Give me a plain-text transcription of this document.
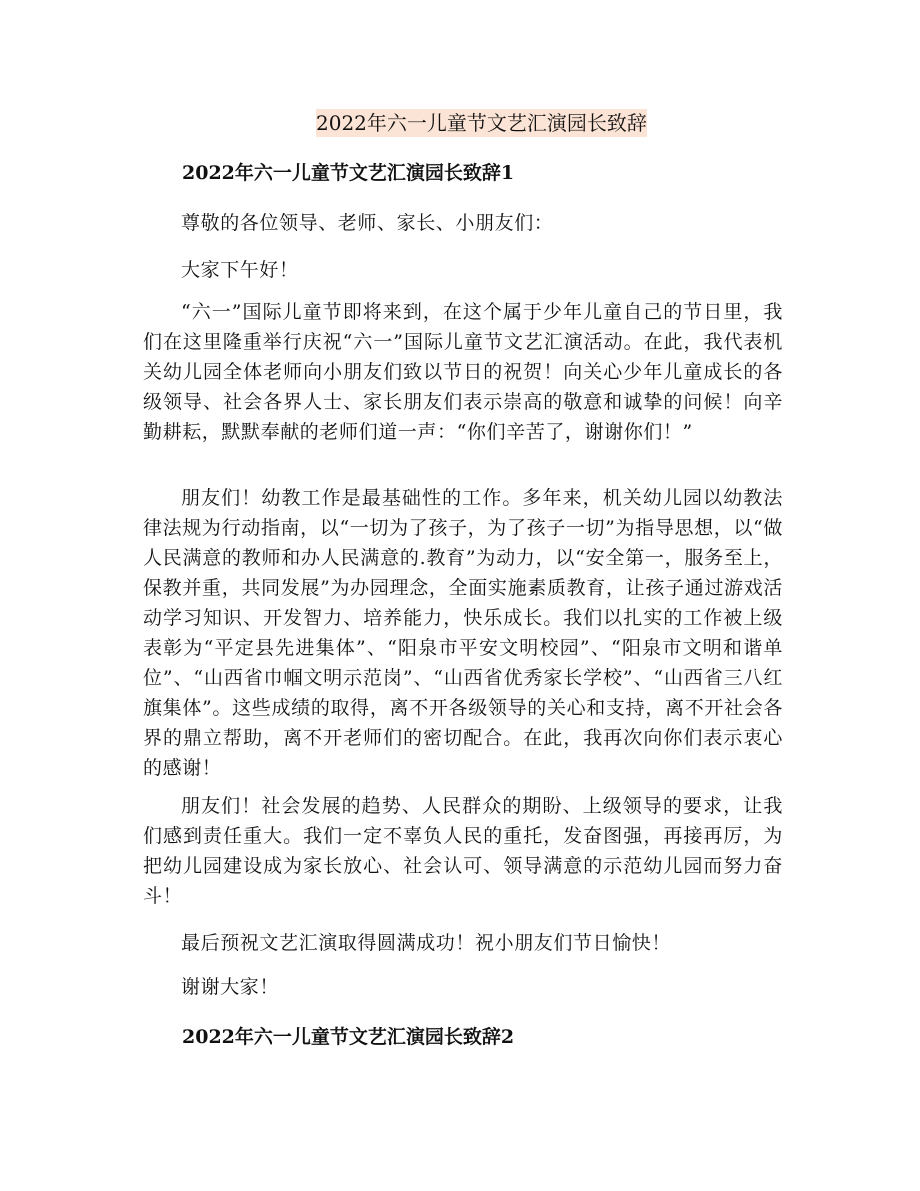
2022年六一儿童节文艺汇演园长致辞
2022年六一儿童节文艺汇演园长致辞1

尊敬的各位领导、老师、家长、小朋友们：

大家下午好！

“六一”国际儿童节即将来到，在这个属于少年儿童自己的节日里，我们在这里隆重举行庆祝“六一”国际儿童节文艺汇演活动。在此，我代表机关幼儿园全体老师向小朋友们致以节日的祝贺！向关心少年儿童成长的各级领导、社会各界人士、家长朋友们表示崇高的敬意和诚挚的问候！向辛勤耕耘，默默奉献的老师们道一声：“你们辛苦了，谢谢你们！”

朋友们！幼教工作是最基础性的工作。多年来，机关幼儿园以幼教法律法规为行动指南，以“一切为了孩子，为了孩子一切”为指导思想，以“做人民满意的教师和办人民满意的.教育”为动力，以“安全第一，服务至上，保教并重，共同发展”为办园理念，全面实施素质教育，让孩子通过游戏活动学习知识、开发智力、培养能力，快乐成长。我们以扎实的工作被上级表彰为“平定县先进集体”、“阳泉市平安文明校园”、“阳泉市文明和谐单位”、“山西省巾帼文明示范岗”、“山西省优秀家长学校”、“山西省三八红旗集体”。这些成绩的取得，离不开各级领导的关心和支持，离不开社会各界的鼎立帮助，离不开老师们的密切配合。在此，我再次向你们表示衷心的感谢！

朋友们！社会发展的趋势、人民群众的期盼、上级领导的要求，让我们感到责任重大。我们一定不辜负人民的重托，发奋图强，再接再厉，为把幼儿园建设成为家长放心、社会认可、领导满意的示范幼儿园而努力奋斗！

最后预祝文艺汇演取得圆满成功！祝小朋友们节日愉快！

谢谢大家！

2022年六一儿童节文艺汇演园长致辞2
